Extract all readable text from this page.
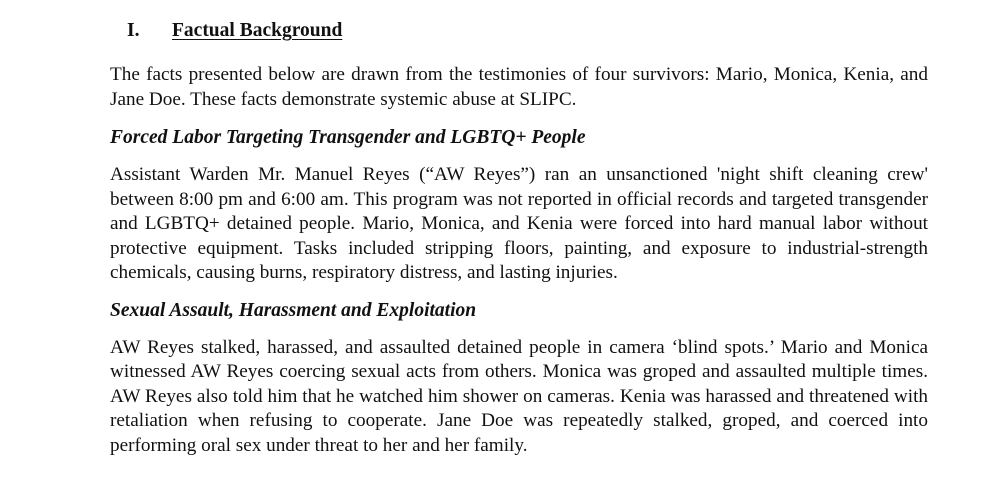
I. Factual Background

The facts presented below are drawn from the testimonies of four survivors: Mario, Monica, Kenia, and Jane Doe. These facts demonstrate systemic abuse at SLIPC.

Forced Labor Targeting Transgender and LGBTQ+ People

Assistant Warden Mr. Manuel Reyes (“AW Reyes”) ran an unsanctioned 'night shift cleaning crew' between 8:00 pm and 6:00 am. This program was not reported in official records and targeted transgender and LGBTQ+ detained people. Mario, Monica, and Kenia were forced into hard manual labor without protective equipment. Tasks included stripping floors, painting, and exposure to industrial-strength chemicals, causing burns, respiratory distress, and lasting injuries.

Sexual Assault, Harassment and Exploitation

AW Reyes stalked, harassed, and assaulted detained people in camera ‘blind spots.’ Mario and Monica witnessed AW Reyes coercing sexual acts from others. Monica was groped and assaulted multiple times. AW Reyes also told him that he watched him shower on cameras. Kenia was harassed and threatened with retaliation when refusing to cooperate. Jane Doe was repeatedly stalked, groped, and coerced into performing oral sex under threat to her and her family.
